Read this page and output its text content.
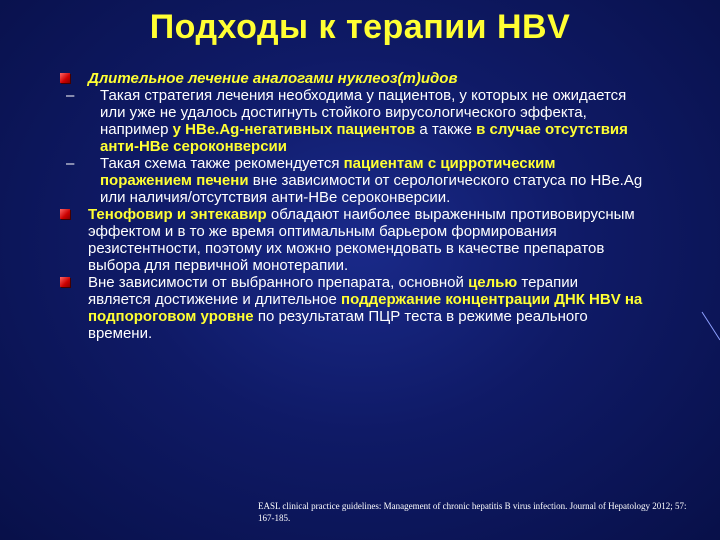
Подходы к терапии HBV
Длительное лечение аналогами нуклеоз(т)идов
– Такая стратегия лечения необходима у пациентов, у которых не ожидается или уже не удалось достигнуть стойкого вирусологического эффекта, например у HBe.Ag-негативных пациентов а также в случае отсутствия анти-HBe сероконверсии
– Такая схема также рекомендуется пациентам с цирротическим поражением печени вне зависимости от серологического статуса по HBe.Ag или наличия/отсутствия анти-HBe сероконверсии.
Тенофовир и энтекавир обладают наиболее выраженным противовирусным эффектом и в то же время оптимальным барьером формирования резистентности, поэтому их можно рекомендовать в качестве препаратов выбора для первичной монотерапии.
Вне зависимости от выбранного препарата, основной целью терапии является достижение и длительное поддержание концентрации ДНК HBV на подпороговом уровне по результатам ПЦР теста в режиме реального времени.
EASL clinical practice guidelines: Management of chronic hepatitis B virus infection. Journal of Hepatology 2012; 57: 167-185.
